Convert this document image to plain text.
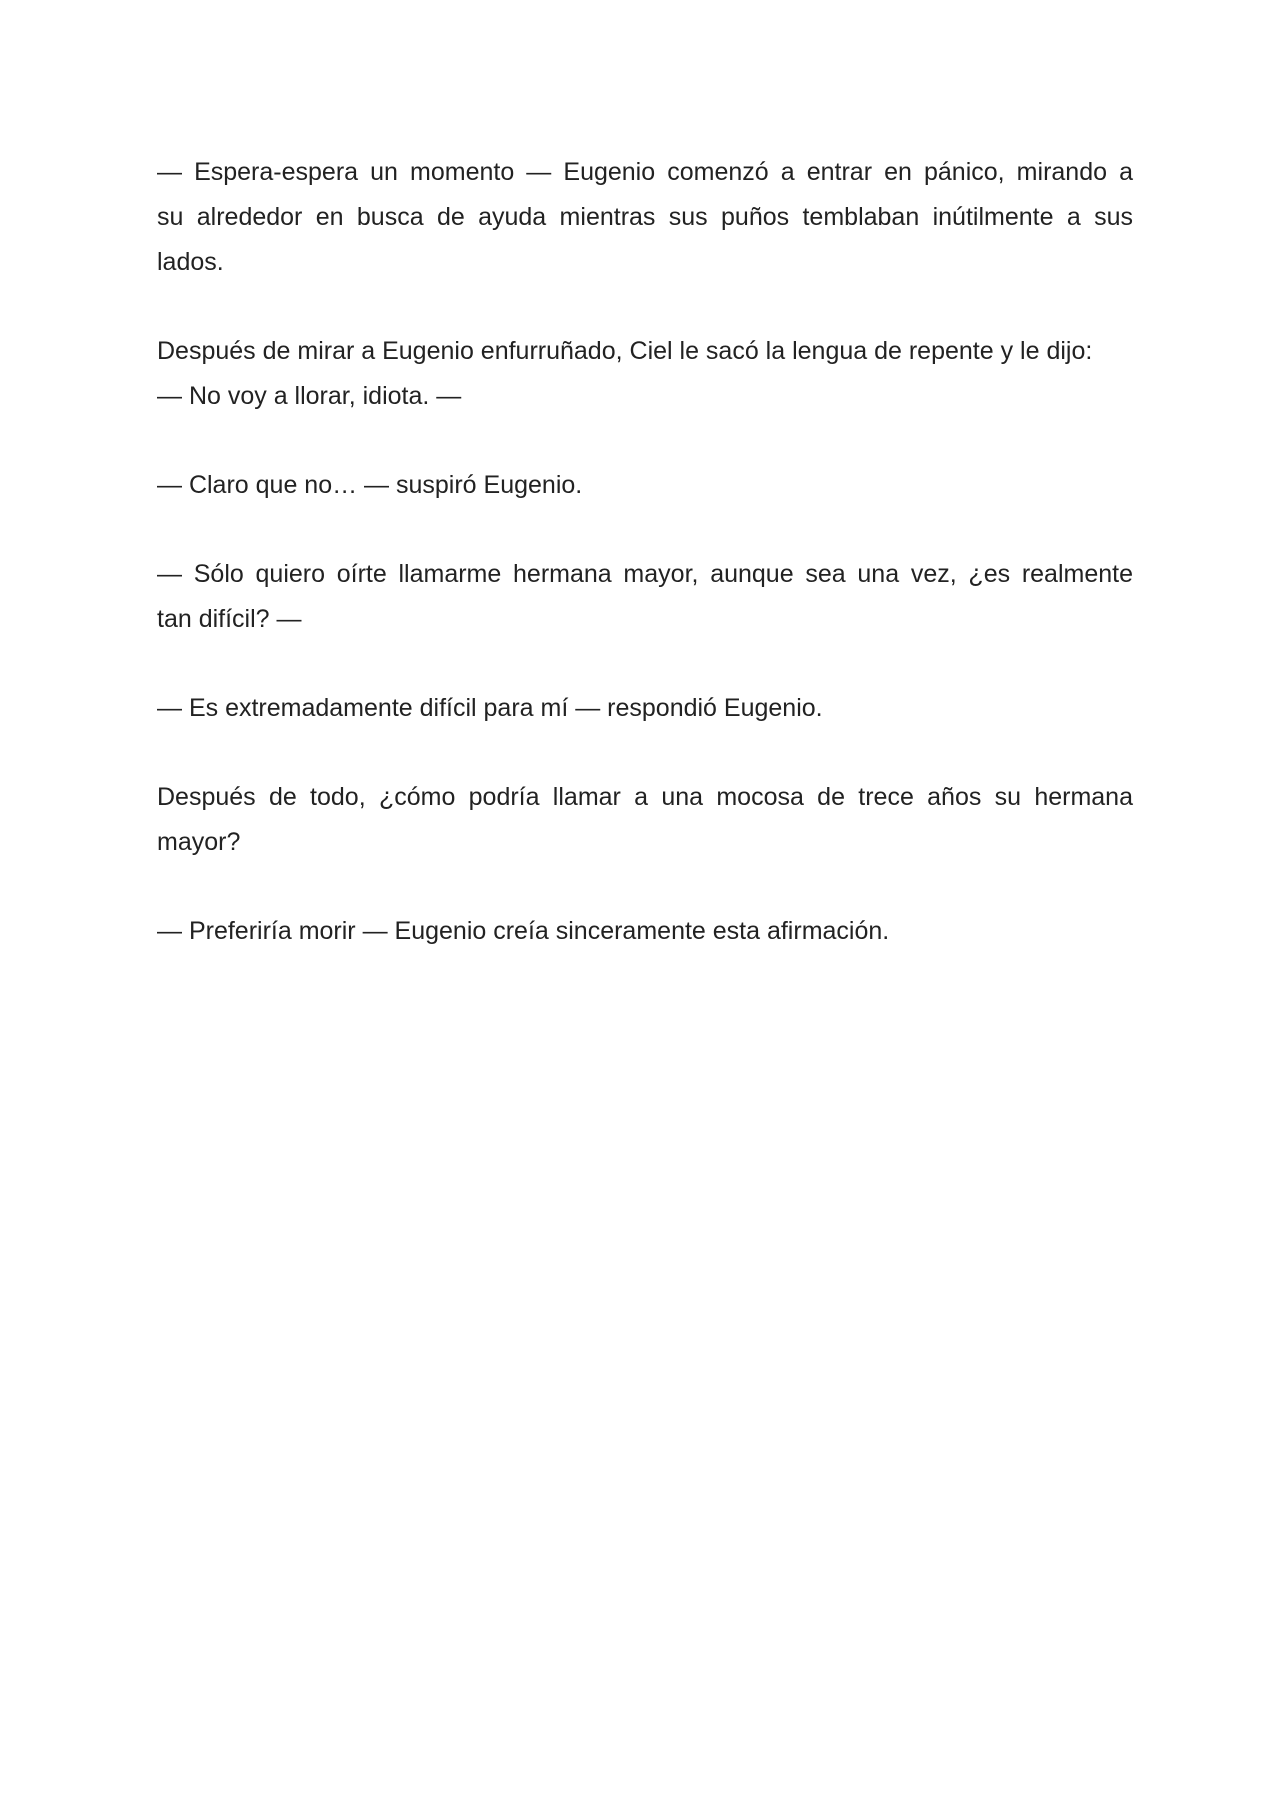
— Espera-espera un momento — Eugenio comenzó a entrar en pánico, mirando a
su alrededor en busca de ayuda mientras sus puños temblaban inútilmente a sus
lados.

Después de mirar a Eugenio enfurruñado, Ciel le sacó la lengua de repente y le dijo:
— No voy a llorar, idiota. —

— Claro que no… — suspiró Eugenio.

— Sólo quiero oírte llamarme hermana mayor, aunque sea una vez, ¿es realmente
tan difícil? —

— Es extremadamente difícil para mí — respondió Eugenio.

Después de todo, ¿cómo podría llamar a una mocosa de trece años su hermana
mayor?

— Preferiría morir — Eugenio creía sinceramente esta afirmación.
